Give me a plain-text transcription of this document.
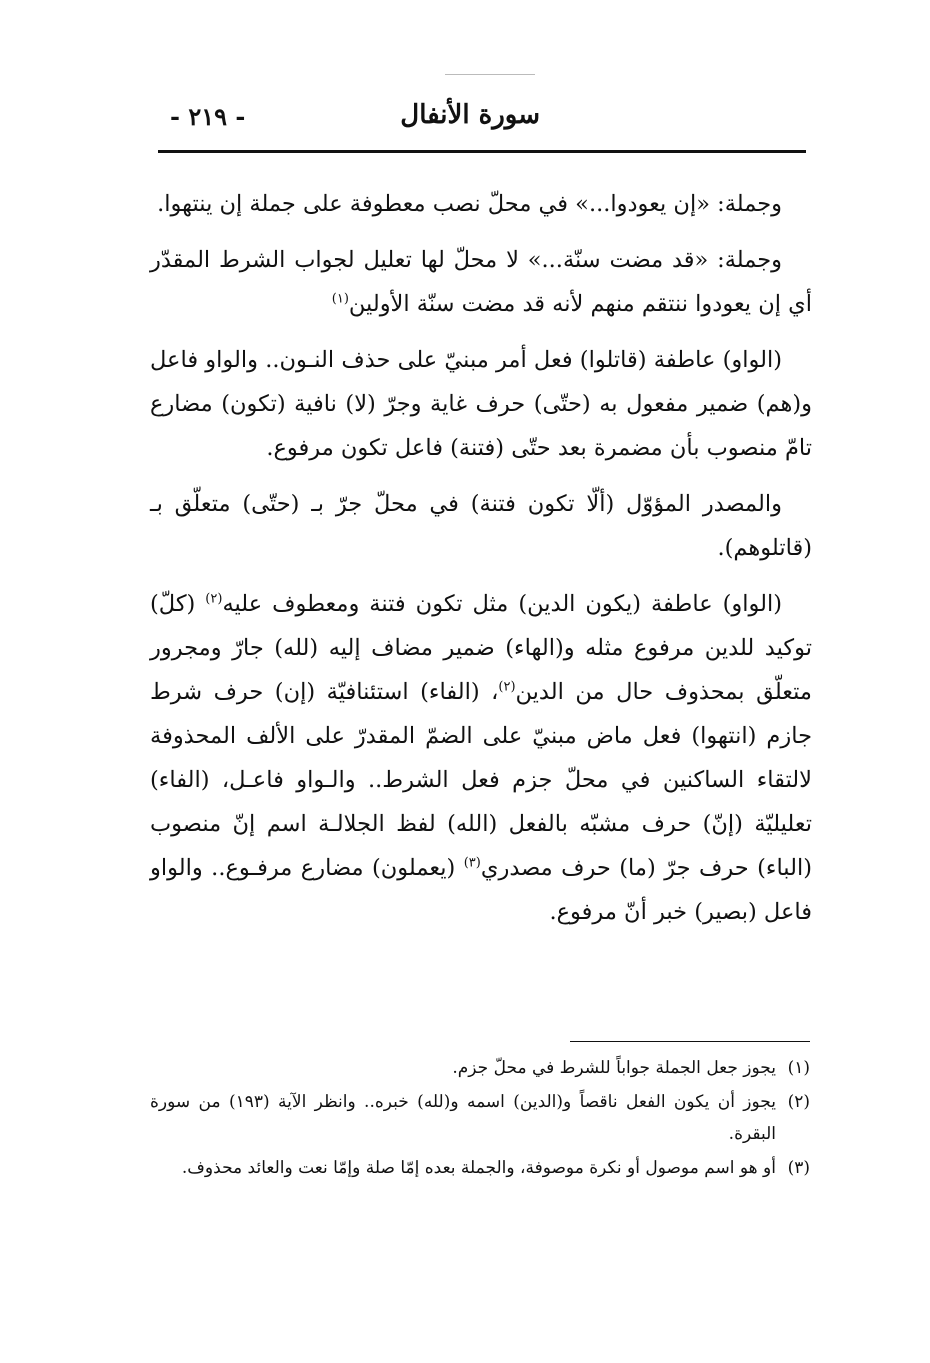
سورة الأنفال
- ٢١٩ -

وجملة: «إن يعودوا...» في محلّ نصب معطوفة على جملة إن ينتهوا.

وجملة: «قد مضت سنّة...» لا محلّ لها تعليل لجواب الشرط المقدّر أي إن يعودوا ننتقم منهم لأنه قد مضت سنّة الأولين$^{(١)}$

(الواو) عاطفة (قاتلوا) فعل أمر مبنيّ على حذف النـون.. والواو فاعل و(هم) ضمير مفعول به (حتّى) حرف غاية وجرّ (لا) نافية (تكون) مضارع تامّ منصوب بأن مضمرة بعد حتّى (فتنة) فاعل تكون مرفوع.

والمصدر المؤوّل (ألّا تكون فتنة) في محلّ جرّ بـ (حتّى) متعلّق بـ (قاتلوهم).

(الواو) عاطفة (يكون الدين) مثل تكون فتنة ومعطوف عليه$^{(٢)}$ (كلّ) توكيد للدين مرفوع مثله و(الهاء) ضمير مضاف إليه (لله) جارّ ومجرور متعلّق بمحذوف حال من الدين$^{(٢)}$، (الفاء) استئنافيّة (إن) حرف شرط جازم (انتهوا) فعل ماض مبنيّ على الضمّ المقدرّ على الألف المحذوفة لالتقاء الساكنين في محلّ جزم فعل الشرط.. والـواو فاعـل، (الفاء) تعليليّة (إنّ) حرف مشبّه بالفعل (الله) لفظ الجلالـة اسم إنّ منصوب (الباء) حرف جرّ (ما) حرف مصدري$^{(٣)}$ (يعملون) مضارع مرفـوع.. والواو فاعل (بصير) خبر أنّ مرفوع.

(١)يجوز جعل الجملة جواباً للشرط في محلّ جزم.

(٢)يجوز أن يكون الفعل ناقصاً و(الدين) اسمه و(لله) خبره.. وانظر الآية (١٩٣) من سورة البقرة.

(٣)أو هو اسم موصول أو نكرة موصوفة، والجملة بعده إمّا صلة وإمّا نعت والعائد محذوف.
